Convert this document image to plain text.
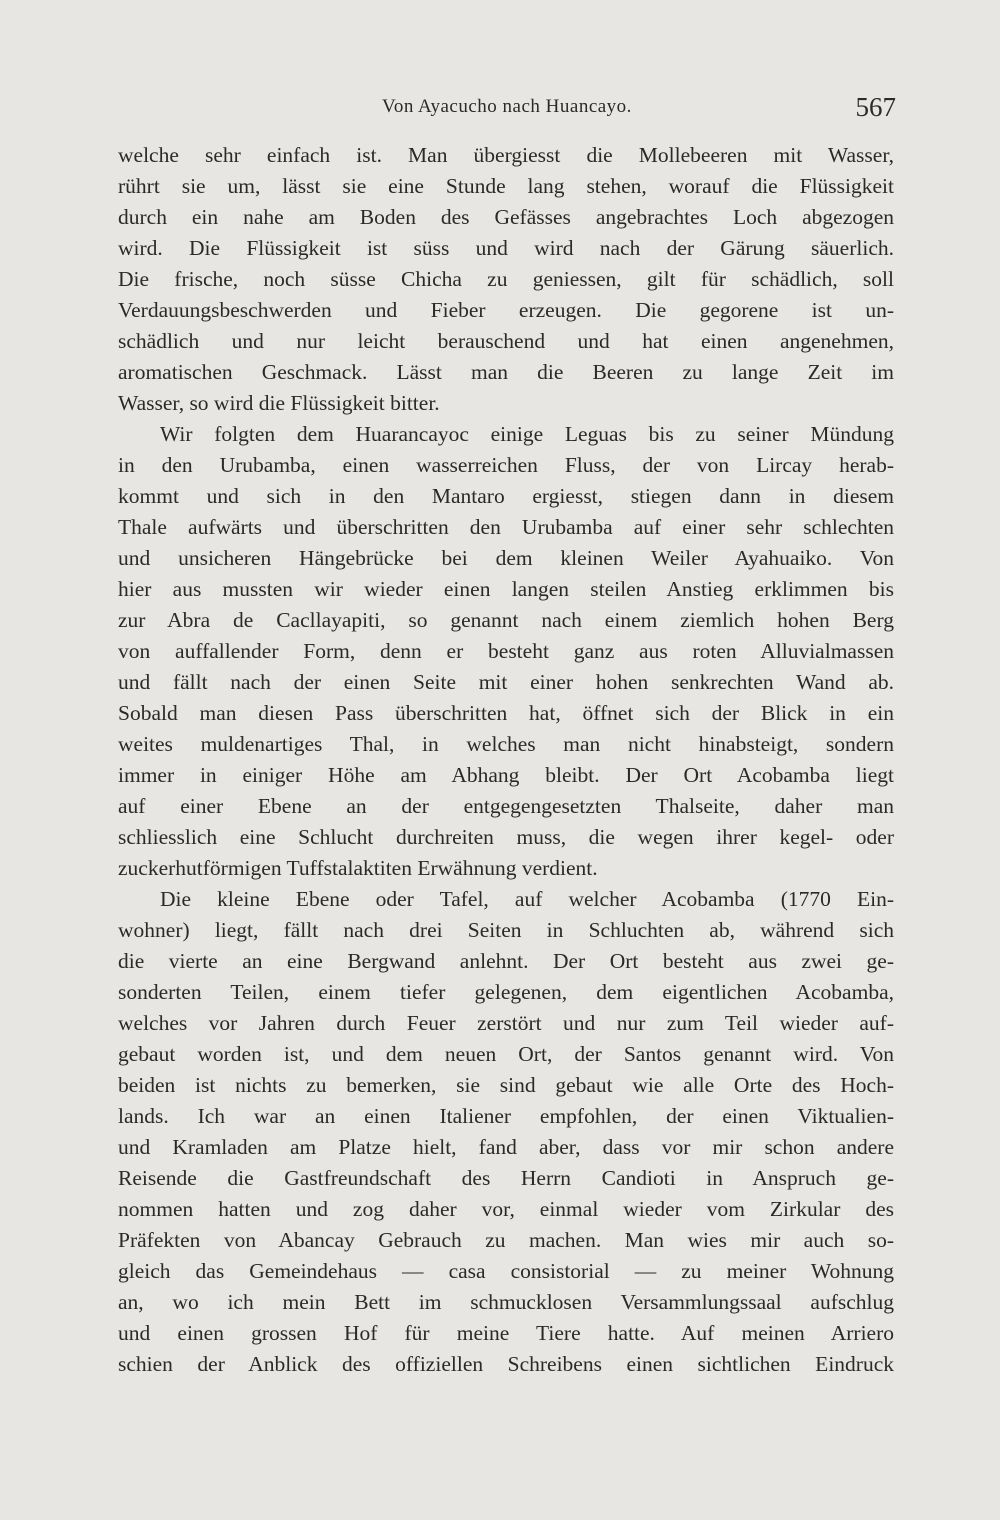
Von Ayacucho nach Huancayo.	567
welche sehr einfach ist. Man übergiesst die Mollebeeren mit Wasser,
rührt sie um, lässt sie eine Stunde lang stehen, worauf die Flüssigkeit
durch ein nahe am Boden des Gefässes angebrachtes Loch abgezogen
wird. Die Flüssigkeit ist süss und wird nach der Gärung säuerlich.
Die frische, noch süsse Chicha zu geniessen, gilt für schädlich, soll
Verdauungsbeschwerden und Fieber erzeugen. Die gegorene ist un-
schädlich und nur leicht berauschend und hat einen angenehmen,
aromatischen Geschmack. Lässt man die Beeren zu lange Zeit im
Wasser, so wird die Flüssigkeit bitter.
Wir folgten dem Huarancayoc einige Leguas bis zu seiner Mündung
in den Urubamba, einen wasserreichen Fluss, der von Lircay herab-
kommt und sich in den Mantaro ergiesst, stiegen dann in diesem
Thale aufwärts und überschritten den Urubamba auf einer sehr schlechten
und unsicheren Hängebrücke bei dem kleinen Weiler Ayahuaiko. Von
hier aus mussten wir wieder einen langen steilen Anstieg erklimmen bis
zur Abra de Cacllayapiti, so genannt nach einem ziemlich hohen Berg
von auffallender Form, denn er besteht ganz aus roten Alluvialmassen
und fällt nach der einen Seite mit einer hohen senkrechten Wand ab.
Sobald man diesen Pass überschritten hat, öffnet sich der Blick in ein
weites muldenartiges Thal, in welches man nicht hinabsteigt, sondern
immer in einiger Höhe am Abhang bleibt. Der Ort Acobamba liegt
auf einer Ebene an der entgegengesetzten Thalseite, daher man
schliesslich eine Schlucht durchreiten muss, die wegen ihrer kegel- oder
zuckerhutförmigen Tuffstalaktiten Erwähnung verdient.
Die kleine Ebene oder Tafel, auf welcher Acobamba (1770 Ein-
wohner) liegt, fällt nach drei Seiten in Schluchten ab, während sich
die vierte an eine Bergwand anlehnt. Der Ort besteht aus zwei ge-
sonderten Teilen, einem tiefer gelegenen, dem eigentlichen Acobamba,
welches vor Jahren durch Feuer zerstört und nur zum Teil wieder auf-
gebaut worden ist, und dem neuen Ort, der Santos genannt wird. Von
beiden ist nichts zu bemerken, sie sind gebaut wie alle Orte des Hoch-
lands. Ich war an einen Italiener empfohlen, der einen Viktualien-
und Kramladen am Platze hielt, fand aber, dass vor mir schon andere
Reisende die Gastfreundschaft des Herrn Candioti in Anspruch ge-
nommen hatten und zog daher vor, einmal wieder vom Zirkular des
Präfekten von Abancay Gebrauch zu machen. Man wies mir auch so-
gleich das Gemeindehaus — casa consistorial — zu meiner Wohnung
an, wo ich mein Bett im schmucklosen Versammlungssaal aufschlug
und einen grossen Hof für meine Tiere hatte. Auf meinen Arriero
schien der Anblick des offiziellen Schreibens einen sichtlichen Eindruck
